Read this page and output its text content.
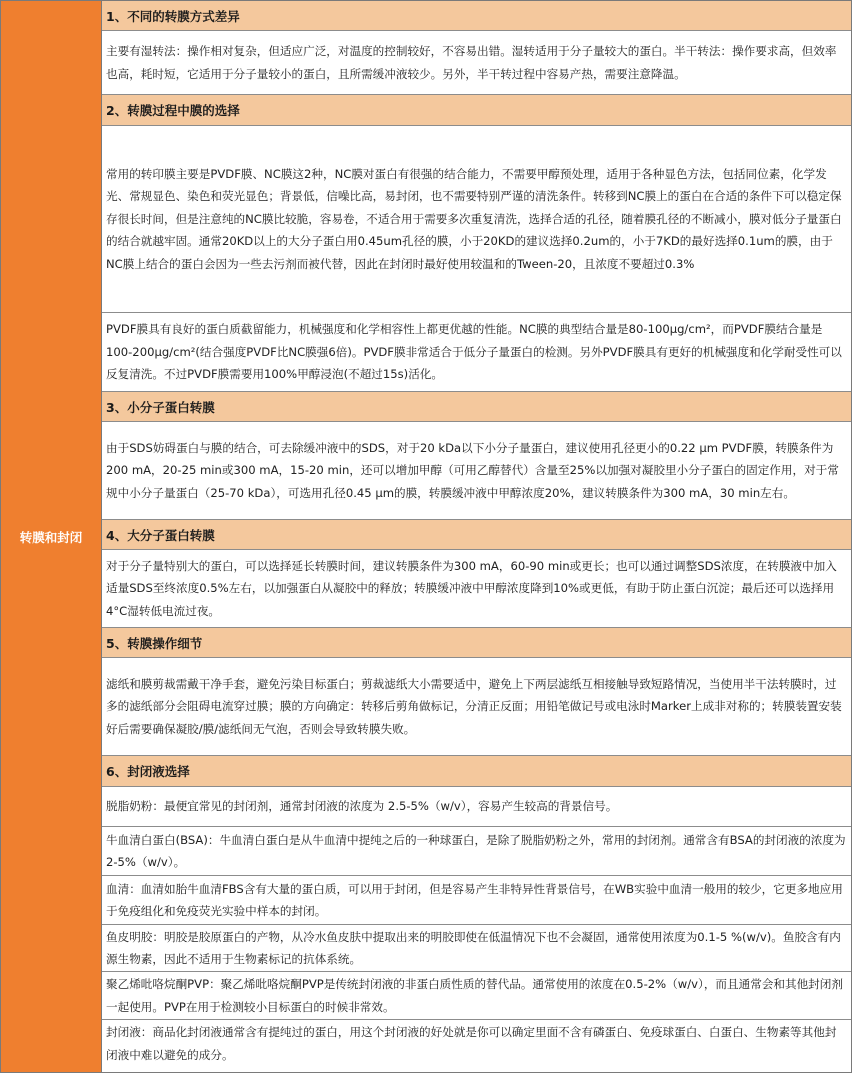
转膜和封闭
1、不同的转膜方式差异
主要有湿转法：操作相对复杂，但适应广泛，对温度的控制较好，不容易出错。湿转适用于分子量较大的蛋白。半干转法：操作要求高，但效率也高，耗时短，它适用于分子量较小的蛋白，且所需缓冲液较少。另外，半干转过程中容易产热，需要注意降温。
2、转膜过程中膜的选择
常用的转印膜主要是PVDF膜、NC膜这2种，NC膜对蛋白有很强的结合能力，不需要甲醇预处理，适用于各种显色方法，包括同位素，化学发光、常规显色、染色和荧光显色；背景低，信噪比高，易封闭，也不需要特别严谨的清洗条件。转移到NC膜上的蛋白在合适的条件下可以稳定保存很长时间，但是注意纯的NC膜比较脆，容易卷，不适合用于需要多次重复清洗，选择合适的孔径，随着膜孔径的不断减小，膜对低分子量蛋白的结合就越牢固。通常20KD以上的大分子蛋白用0.45um孔径的膜，小于20KD的建议选择0.2um的，小于7KD的最好选择0.1um的膜，由于NC膜上结合的蛋白会因为一些去污剂而被代替，因此在封闭时最好使用较温和的Tween-20，且浓度不要超过0.3%
PVDF膜具有良好的蛋白质截留能力，机械强度和化学相容性上都更优越的性能。NC膜的典型结合量是80-100μg/cm²，而PVDF膜结合量是100-200μg/cm²(结合强度PVDF比NC膜强6倍)。PVDF膜非常适合于低分子量蛋白的检测。另外PVDF膜具有更好的机械强度和化学耐受性可以反复清洗。不过PVDF膜需要用100%甲醇浸泡(不超过15s)活化。
3、小分子蛋白转膜
由于SDS妨碍蛋白与膜的结合，可去除缓冲液中的SDS，对于20 kDa以下小分子量蛋白，建议使用孔径更小的0.22 μm PVDF膜，转膜条件为200 mA，20-25 min或300 mA，15-20 min，还可以增加甲醇（可用乙醇替代）含量至25%以加强对凝胶里小分子蛋白的固定作用，对于常规中小分子量蛋白（25-70 kDa），可选用孔径0.45 μm的膜，转膜缓冲液中甲醇浓度20%，建议转膜条件为300 mA，30 min左右。
4、大分子蛋白转膜
对于分子量特别大的蛋白，可以选择延长转膜时间，建议转膜条件为300 mA，60-90 min或更长；也可以通过调整SDS浓度，在转膜液中加入适量SDS至终浓度0.5%左右，以加强蛋白从凝胶中的释放；转膜缓冲液中甲醇浓度降到10%或更低，有助于防止蛋白沉淀；最后还可以选择用4°C湿转低电流过夜。
5、转膜操作细节
滤纸和膜剪裁需戴干净手套，避免污染目标蛋白；剪裁滤纸大小需要适中，避免上下两层滤纸互相接触导致短路情况，当使用半干法转膜时，过多的滤纸部分会阻碍电流穿过膜；膜的方向确定：转移后剪角做标记，分清正反面；用铅笔做记号或电泳时Marker上成非对称的；转膜装置安装好后需要确保凝胶/膜/滤纸间无气泡，否则会导致转膜失败。
6、封闭液选择
脱脂奶粉：最便宜常见的封闭剂，通常封闭液的浓度为 2.5-5%（w/v），容易产生较高的背景信号。
牛血清白蛋白(BSA)：牛血清白蛋白是从牛血清中提纯之后的一种球蛋白，是除了脱脂奶粉之外，常用的封闭剂。通常含有BSA的封闭液的浓度为2-5%（w/v）。
血清：血清如胎牛血清FBS含有大量的蛋白质，可以用于封闭，但是容易产生非特异性背景信号，在WB实验中血清一般用的较少，它更多地应用于免疫组化和免疫荧光实验中样本的封闭。
鱼皮明胶：明胶是胶原蛋白的产物，从冷水鱼皮肤中提取出来的明胶即使在低温情况下也不会凝固，通常使用浓度为0.1-5 %(w/v)。鱼胶含有内源生物素，因此不适用于生物素标记的抗体系统。
聚乙烯吡咯烷酮PVP：聚乙烯吡咯烷酮PVP是传统封闭液的非蛋白质性质的替代品。通常使用的浓度在0.5-2%（w/v），而且通常会和其他封闭剂一起使用。PVP在用于检测较小目标蛋白的时候非常效。
封闭液：商品化封闭液通常含有提纯过的蛋白，用这个封闭液的好处就是你可以确定里面不含有磷蛋白、免疫球蛋白、白蛋白、生物素等其他封闭液中难以避免的成分。
